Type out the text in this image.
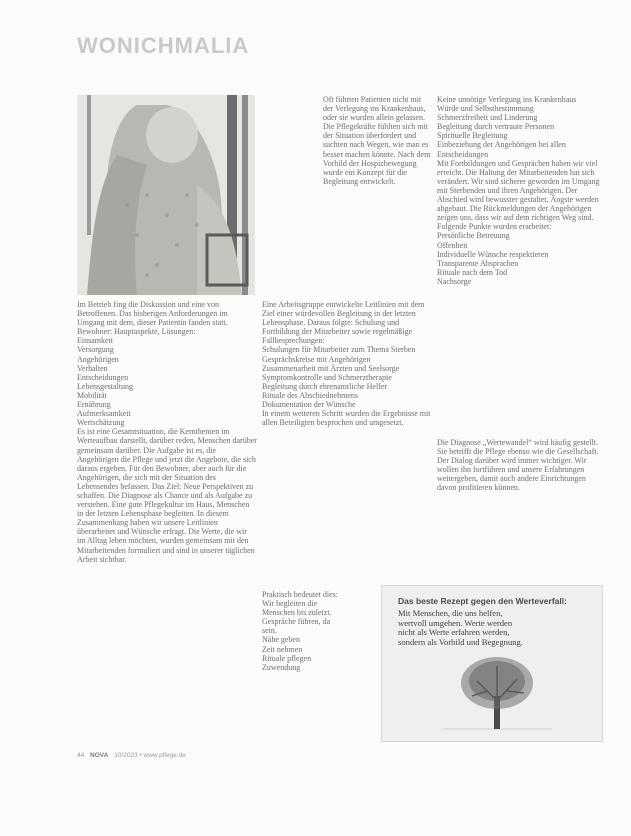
WONICHMALIA

Im Betrieb fing die Diskussion und eine von Betroffenen. Das bisherigen Anforderungen im Umgang mit dem, dieser Patientin fanden statt.

Bewohner: Hauptaspekte, Lösungen:

Einsamkeit
Versorgung
Angehörigen
Verhalten
Entscheidungen
Lebensgestaltung
Mobilität
Ernährung
Aufmerksamkeit
Wertschätzung

Es ist eine Gesamtsituation, die Kernthemen im Werteaufbau darstellt, darüber reden, Menschen darüber gemeinsam darüber. Die Aufgabe ist es, die Angehörigen die Pflege und jetzt die Angebote, die sich daraus ergeben. Für den Bewohner, aber auch für die Angehörigen, die sich mit der Situation des Lebensendes befassen. Das Ziel: Neue Perspektiven zu schaffen. Die Diagnose als Chance und als Aufgabe zu verstehen. Eine gute Pflegekultur im Haus, Menschen in der letzten Lebensphase begleiten. In diesem Zusammenhang haben wir unsere Leitlinien überarbeitet und Wünsche erfragt. Die Werte, die wir im Alltag leben möchten, wurden gemeinsam mit den Mitarbeitenden formuliert und sind in unserer täglichen Arbeit sichtbar.

Oft führten Patienten nicht mit der Verlegung ins Krankenhaus, oder sie wurden allein gelassen. Die Pflegekräfte fühlten sich mit der Situation überfordert und suchten nach Wegen, wie man es besser machen könnte. Nach dem Vorbild der Hospizbewegung wurde ein Konzept für die Begleitung entwickelt.

Eine Arbeitsgruppe entwickelte Leitlinien mit dem Ziel einer würdevollen Begleitung in der letzten Lebensphase. Daraus folgte: Schulung und Fortbildung der Mitarbeiter sowie regelmäßige Fallbesprechungen:

Schulungen für Mitarbeiter zum Thema Sterben
Gesprächskreise mit Angehörigen
Zusammenarbeit mit Ärzten und Seelsorge
Symptomkontrolle und Schmerztherapie
Begleitung durch ehrenamtliche Helfer
Rituale des Abschiednehmens
Dokumentation der Wünsche

In einem weiteren Schritt wurden die Ergebnisse mit allen Beteiligten besprochen und umgesetzt.

Praktisch bedeutet dies: Wir begleiten die Menschen bis zuletzt. Gespräche führen, da sein.

Nähe geben
Zeit nehmen
Rituale pflegen
Zuwendung
Keine unnötige Verlegung ins Krankenhaus
Würde und Selbstbestimmung
Schmerzfreiheit und Linderung
Begleitung durch vertraute Personen
Spirituelle Begleitung
Einbeziehung der Angehörigen bei allen Entscheidungen

Mit Fortbildungen und Gesprächen haben wir viel erreicht. Die Haltung der Mitarbeitenden hat sich verändert. Wir sind sicherer geworden im Umgang mit Sterbenden und ihren Angehörigen. Der Abschied wird bewusster gestaltet, Ängste werden abgebaut. Die Rückmeldungen der Angehörigen zeigen uns, dass wir auf dem richtigen Weg sind.

Folgende Punkte wurden erarbeitet:

Persönliche Betreuung
Offenheit
Individuelle Wünsche respektieren
Transparente Absprachen
Rituale nach dem Tod
Nachsorge

Die Diagnose „Wertewandel“ wird häufig gestellt. Sie betrifft die Pflege ebenso wie die Gesellschaft. Der Dialog darüber wird immer wichtiger. Wir wollen ihn fortführen und unsere Erfahrungen weitergeben, damit auch andere Einrichtungen davon profitieren können.

Das beste Rezept gegen den Werteverfall:

Mit Menschen, die uns helfen,

wertvoll umgehen. Werte werden

nicht als Werte erfahren werden,

sondern als Vorbild und Begegnung.

44 NOVA 10/2023 • www.pflege.de
